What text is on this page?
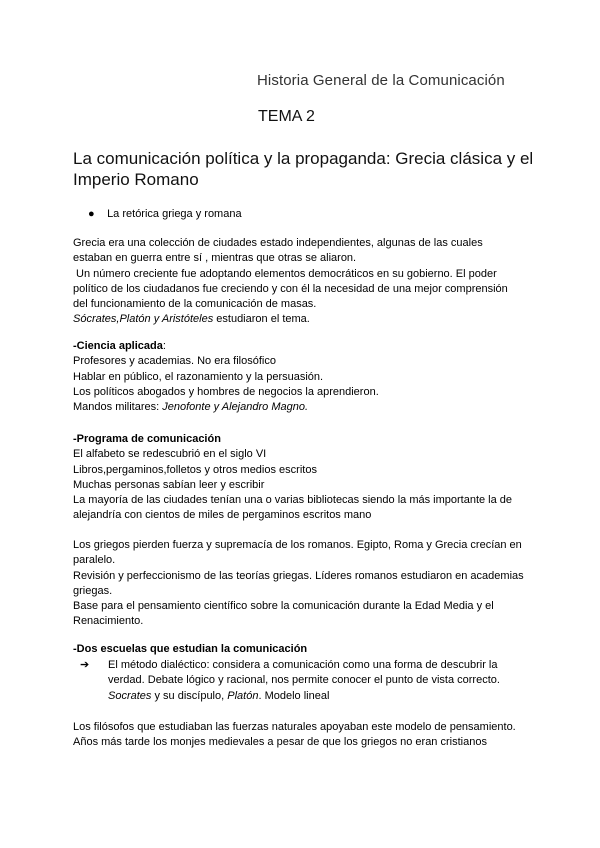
Historia General de la Comunicación
TEMA 2
La comunicación política y la propaganda: Grecia clásica y el
Imperio Romano
● La retórica griega y romana
Grecia era una colección de ciudades estado independientes, algunas de las cuales
estaban en guerra entre sí , mientras que otras se aliaron.
Un número creciente fue adoptando elementos democráticos en su gobierno. El poder
político de los ciudadanos fue creciendo y con él la necesidad de una mejor comprensión
del funcionamiento de la comunicación de masas.
Sócrates,Platón y Aristóteles estudiaron el tema.
-Ciencia aplicada:
Profesores y academias. No era filosófico
Hablar en público, el razonamiento y la persuasión.
Los políticos abogados y hombres de negocios la aprendieron.
Mandos militares: Jenofonte y Alejandro Magno.
-Programa de comunicación
El alfabeto se redescubrió en el siglo VI
Libros,pergaminos,folletos y otros medios escritos
Muchas personas sabían leer y escribir
La mayoría de las ciudades tenían una o varias bibliotecas siendo la más importante la de
alejandría con cientos de miles de pergaminos escritos mano
Los griegos pierden fuerza y supremacía de los romanos. Egipto, Roma y Grecia crecían en
paralelo.
Revisión y perfeccionismo de las teorías griegas. Líderes romanos estudiaron en academias
griegas.
Base para el pensamiento científico sobre la comunicación durante la Edad Media y el
Renacimiento.
-Dos escuelas que estudian la comunicación
➔ El método dialéctico: considera a comunicación como una forma de descubrir la
verdad. Debate lógico y racional, nos permite conocer el punto de vista correcto.
Socrates y su discípulo, Platón. Modelo lineal
Los filósofos que estudiaban las fuerzas naturales apoyaban este modelo de pensamiento.
Años más tarde los monjes medievales a pesar de que los griegos no eran cristianos
